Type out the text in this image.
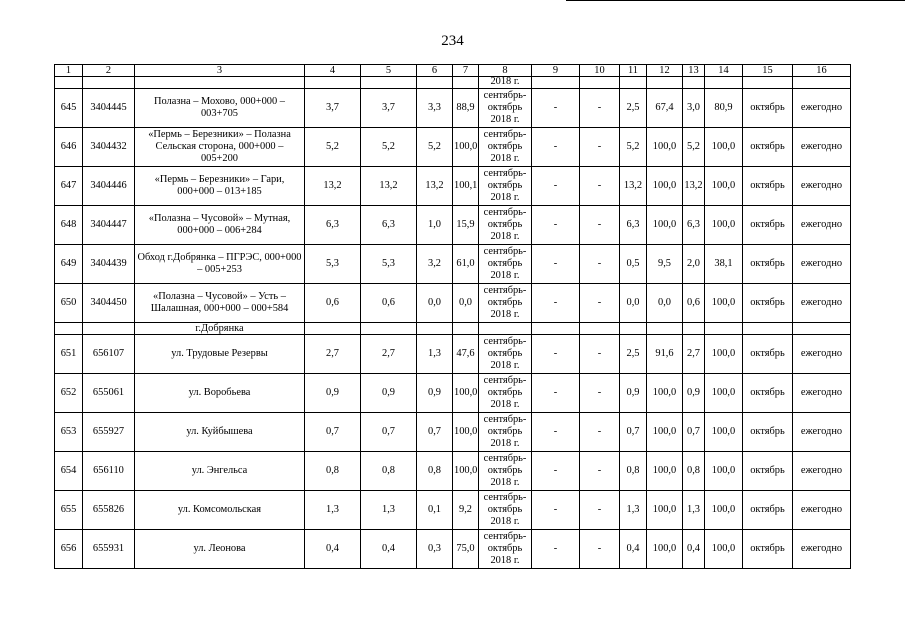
234
1	2	3	4	5	6	7	8	9	10	11	12	13	14	15	16
							2018 г.								
645	3404445	Полазна – Мохово, 000+000 – 003+705	3,7	3,7	3,3	88,9	сентябрь-
октябрь
2018 г.	-	-	2,5	67,4	3,0	80,9	октябрь	ежегодно
646	3404432	«Пермь – Березники» – Полазна Сельская сторона, 000+000 – 005+200	5,2	5,2	5,2	100,0	сентябрь-
октябрь
2018 г.	-	-	5,2	100,0	5,2	100,0	октябрь	ежегодно
647	3404446	«Пермь – Березники» – Гари, 000+000 – 013+185	13,2	13,2	13,2	100,1	сентябрь-
октябрь
2018 г.	-	-	13,2	100,0	13,2	100,0	октябрь	ежегодно
648	3404447	«Полазна – Чусовой» – Мутная, 000+000 – 006+284	6,3	6,3	1,0	15,9	сентябрь-
октябрь
2018 г.	-	-	6,3	100,0	6,3	100,0	октябрь	ежегодно
649	3404439	Обход г.Добрянка – ПГРЭС, 000+000 – 005+253	5,3	5,3	3,2	61,0	сентябрь-
октябрь
2018 г.	-	-	0,5	9,5	2,0	38,1	октябрь	ежегодно
650	3404450	«Полазна – Чусовой» – Усть – Шалашная, 000+000 – 000+584	0,6	0,6	0,0	0,0	сентябрь-
октябрь
2018 г.	-	-	0,0	0,0	0,6	100,0	октябрь	ежегодно
		г.Добрянка													
651	656107	ул. Трудовые Резервы	2,7	2,7	1,3	47,6	сентябрь-
октябрь
2018 г.	-	-	2,5	91,6	2,7	100,0	октябрь	ежегодно
652	655061	ул. Воробьева	0,9	0,9	0,9	100,0	сентябрь-
октябрь
2018 г.	-	-	0,9	100,0	0,9	100,0	октябрь	ежегодно
653	655927	ул. Куйбышева	0,7	0,7	0,7	100,0	сентябрь-
октябрь
2018 г.	-	-	0,7	100,0	0,7	100,0	октябрь	ежегодно
654	656110	ул. Энгельса	0,8	0,8	0,8	100,0	сентябрь-
октябрь
2018 г.	-	-	0,8	100,0	0,8	100,0	октябрь	ежегодно
655	655826	ул. Комсомольская	1,3	1,3	0,1	9,2	сентябрь-
октябрь
2018 г.	-	-	1,3	100,0	1,3	100,0	октябрь	ежегодно
656	655931	ул. Леонова	0,4	0,4	0,3	75,0	сентябрь-
октябрь
2018 г.	-	-	0,4	100,0	0,4	100,0	октябрь	ежегодно
